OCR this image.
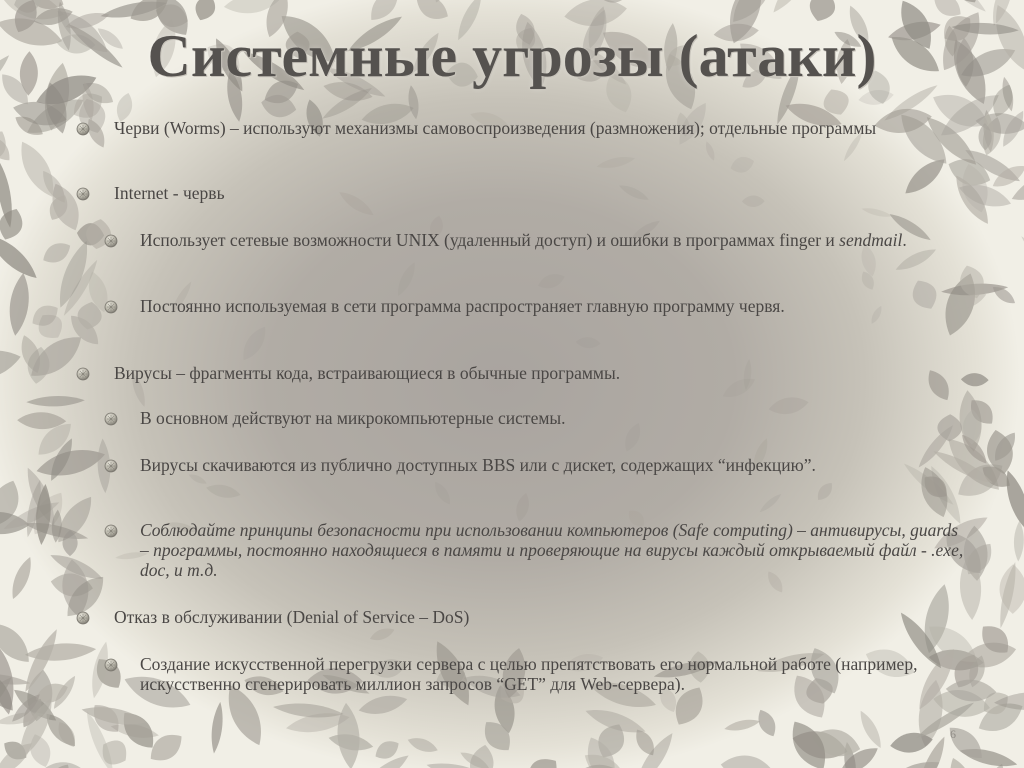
Системные угрозы (атаки)
Черви (Worms) – используют механизмы самовоспроизведения (размножения); отдельные программы
Internet - червь
Использует сетевые возможности UNIX (удаленный доступ) и ошибки в программах finger и sendmail.
Постоянно используемая в сети программа распространяет главную программу червя.
Вирусы – фрагменты кода, встраивающиеся в обычные программы.
В основном действуют на микрокомпьютерные системы.
Вирусы скачиваются из публично доступных BBS или с дискет, содержащих “инфекцию”.
Соблюдайте принципы безопасности при использовании компьютеров (Safe computing) – антивирусы, guards – программы, постоянно находящиеся в памяти и проверяющие на вирусы каждый открываемый файл - .exe, doc, и т.д.
Отказ в обслуживании (Denial of Service – DoS)
Создание искусственной перегрузки сервера с целью препятствовать его нормальной работе (например, искусственно сгенерировать миллион запросов “GET” для Web-сервера).
6
